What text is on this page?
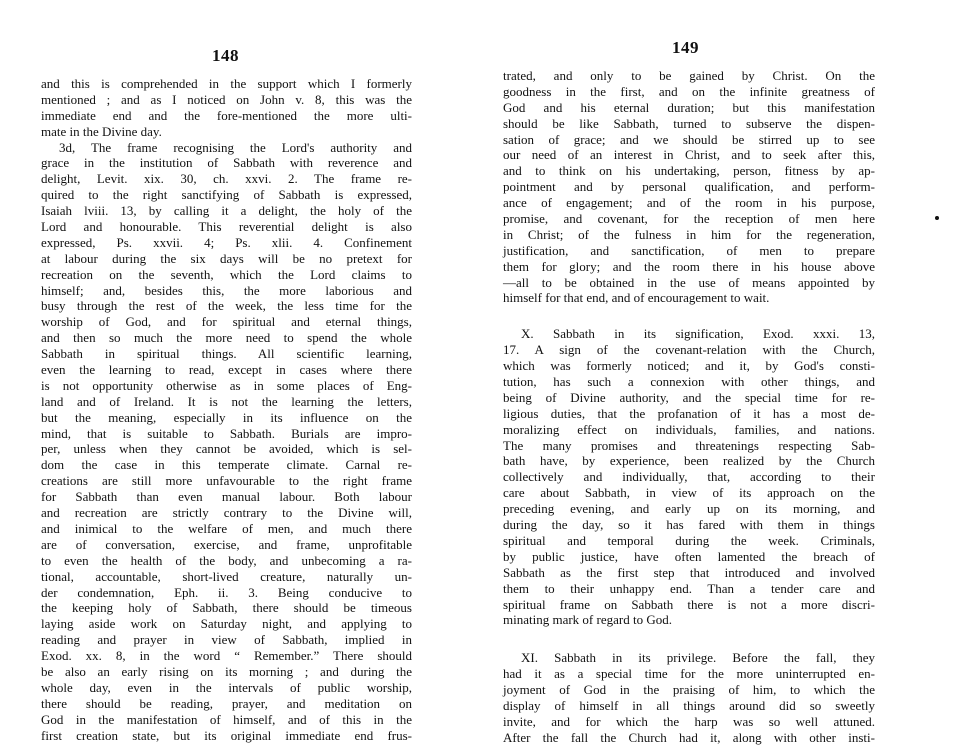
148
and this is comprehended in the support which I formerly
mentioned ; and as I noticed on John v. 8, this was the
immediate end and the fore-mentioned the more ulti-
mate in the Divine day.
3d, The frame recognising the Lord's authority and
grace in the institution of Sabbath with reverence and
delight, Levit. xix. 30, ch. xxvi. 2. The frame re-
quired to the right sanctifying of Sabbath is expressed,
Isaiah lviii. 13, by calling it a delight, the holy of the
Lord and honourable. This reverential delight is also
expressed, Ps. xxvii. 4; Ps. xlii. 4. Confinement
at labour during the six days will be no pretext for
recreation on the seventh, which the Lord claims to
himself; and, besides this, the more laborious and
busy through the rest of the week, the less time for the
worship of God, and for spiritual and eternal things,
and then so much the more need to spend the whole
Sabbath in spiritual things. All scientific learning,
even the learning to read, except in cases where there
is not opportunity otherwise as in some places of Eng-
land and of Ireland. It is not the learning the letters,
but the meaning, especially in its influence on the
mind, that is suitable to Sabbath. Burials are impro-
per, unless when they cannot be avoided, which is sel-
dom the case in this temperate climate. Carnal re-
creations are still more unfavourable to the right frame
for Sabbath than even manual labour. Both labour
and recreation are strictly contrary to the Divine will,
and inimical to the welfare of men, and much there
are of conversation, exercise, and frame, unprofitable
to even the health of the body, and unbecoming a ra-
tional, accountable, short-lived creature, naturally un-
der condemnation, Eph. ii. 3. Being conducive to
the keeping holy of Sabbath, there should be timeous
laying aside work on Saturday night, and applying to
reading and prayer in view of Sabbath, implied in
Exod. xx. 8, in the word “ Remember.” There should
be also an early rising on its morning ; and during the
whole day, even in the intervals of public worship,
there should be reading, prayer, and meditation on
God in the manifestation of himself, and of this in the
first creation state, but its original immediate end frus-
149
trated, and only to be gained by Christ. On the
goodness in the first, and on the infinite greatness of
God and his eternal duration; but this manifestation
should be like Sabbath, turned to subserve the dispen-
sation of grace; and we should be stirred up to see
our need of an interest in Christ, and to seek after this,
and to think on his undertaking, person, fitness by ap-
pointment and by personal qualification, and perform-
ance of engagement; and of the room in his purpose,
promise, and covenant, for the reception of men here
in Christ; of the fulness in him for the regeneration,
justification, and sanctification, of men to prepare
them for glory; and the room there in his house above
—all to be obtained in the use of means appointed by
himself for that end, and of encouragement to wait.
X. Sabbath in its signification, Exod. xxxi. 13,
17. A sign of the covenant-relation with the Church,
which was formerly noticed; and it, by God's consti-
tution, has such a connexion with other things, and
being of Divine authority, and the special time for re-
ligious duties, that the profanation of it has a most de-
moralizing effect on individuals, families, and nations.
The many promises and threatenings respecting Sab-
bath have, by experience, been realized by the Church
collectively and individually, that, according to their
care about Sabbath, in view of its approach on the
preceding evening, and early up on its morning, and
during the day, so it has fared with them in things
spiritual and temporal during the week. Criminals,
by public justice, have often lamented the breach of
Sabbath as the first step that introduced and involved
them to their unhappy end. Than a tender care and
spiritual frame on Sabbath there is not a more discri-
minating mark of regard to God.
XI. Sabbath in its privilege. Before the fall, they
had it as a special time for the more uninterrupted en-
joyment of God in the praising of him, to which the
display of himself in all things around did so sweetly
invite, and for which the harp was so well attuned.
After the fall the Church had it, along with other insti-
